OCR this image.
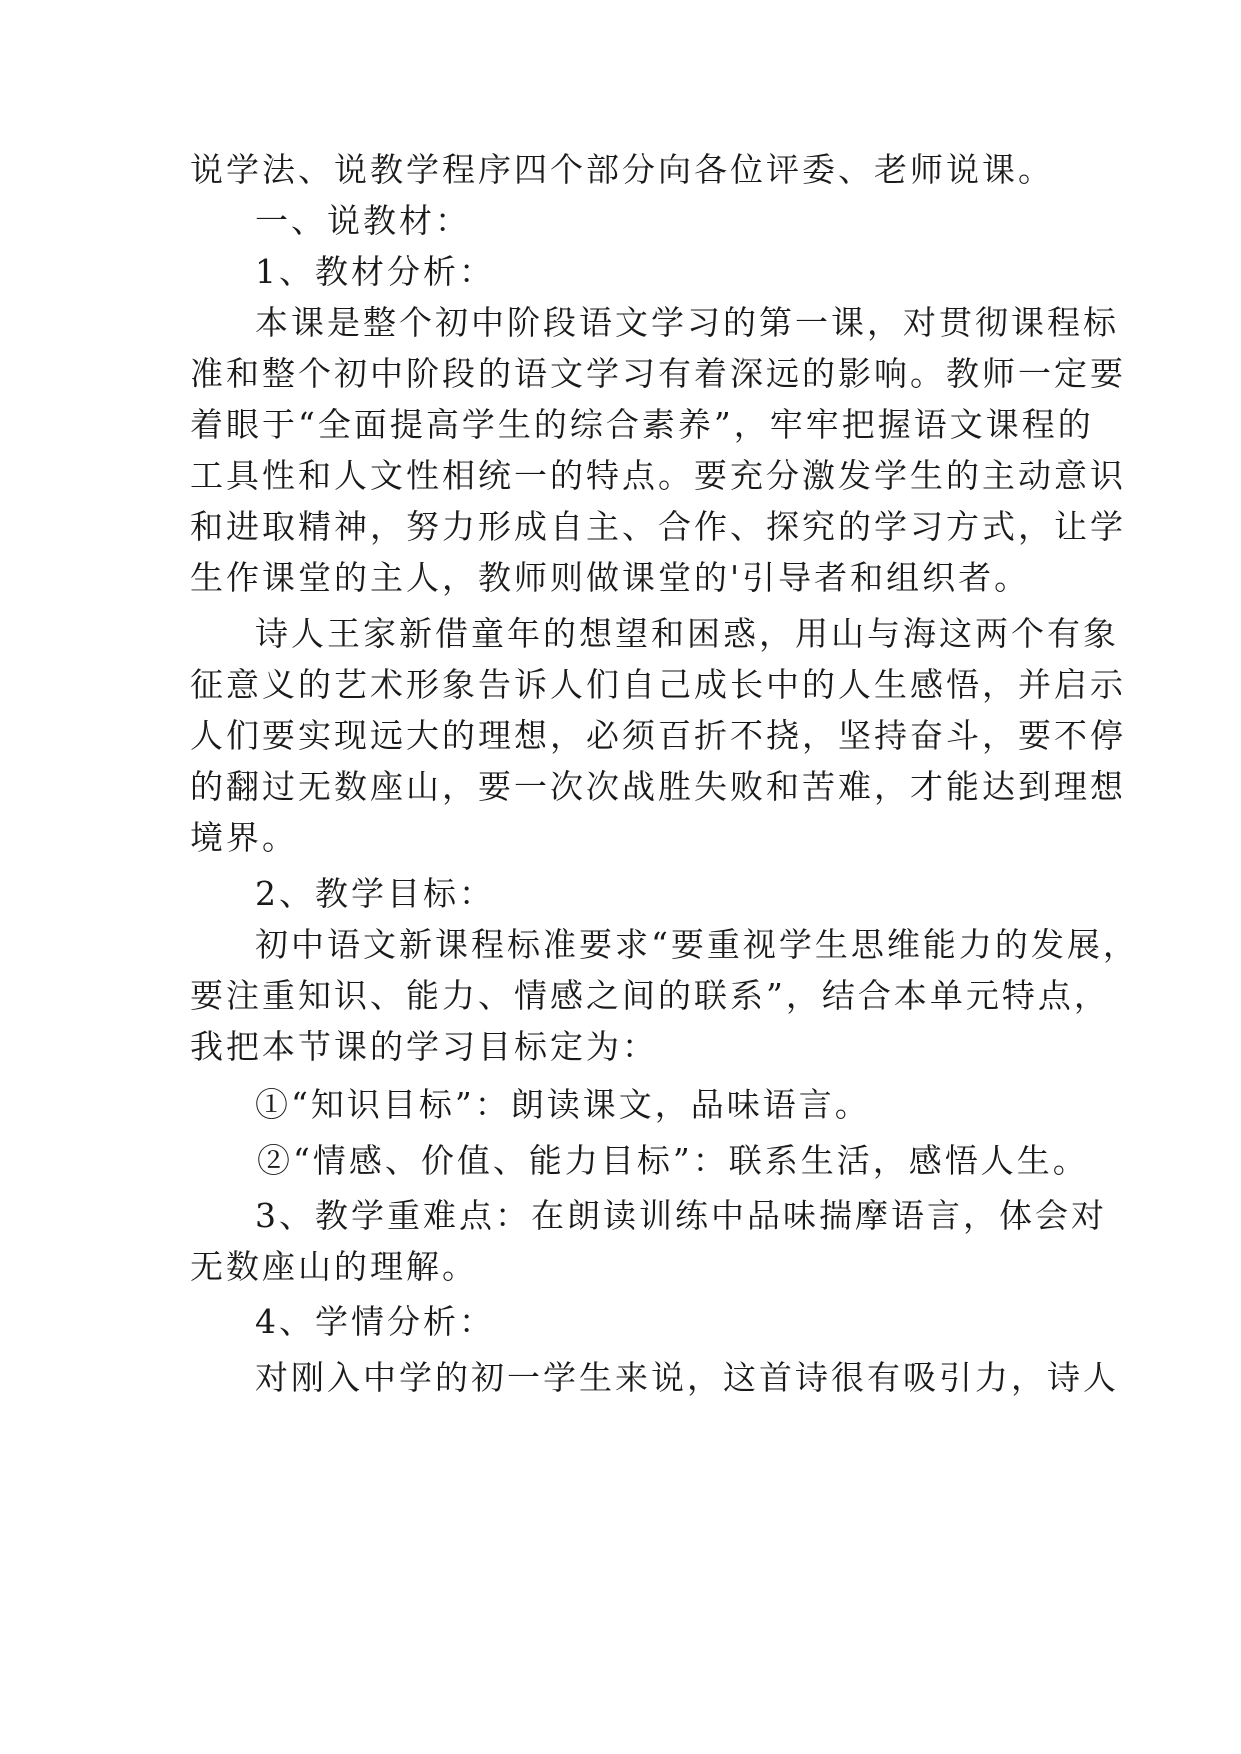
说学法、说教学程序四个部分向各位评委、老师说课。
一、说教材：
1、教材分析：
本课是整个初中阶段语文学习的第一课，对贯彻课程标
准和整个初中阶段的语文学习有着深远的影响。教师一定要
着眼于“全面提高学生的综合素养”，牢牢把握语文课程的
工具性和人文性相统一的特点。要充分激发学生的主动意识
和进取精神，努力形成自主、合作、探究的学习方式，让学
生作课堂的主人，教师则做课堂的'引导者和组织者。
诗人王家新借童年的想望和困惑，用山与海这两个有象
征意义的艺术形象告诉人们自己成长中的人生感悟，并启示
人们要实现远大的理想，必须百折不挠，坚持奋斗，要不停
的翻过无数座山，要一次次战胜失败和苦难，才能达到理想
境界。
2、教学目标：
初中语文新课程标准要求“要重视学生思维能力的发展，
要注重知识、能力、情感之间的联系”，结合本单元特点，
我把本节课的学习目标定为：
①“知识目标”：朗读课文，品味语言。
②“情感、价值、能力目标”：联系生活，感悟人生。
3、教学重难点：在朗读训练中品味揣摩语言，体会对
无数座山的理解。
4、学情分析：
对刚入中学的初一学生来说，这首诗很有吸引力，诗人
